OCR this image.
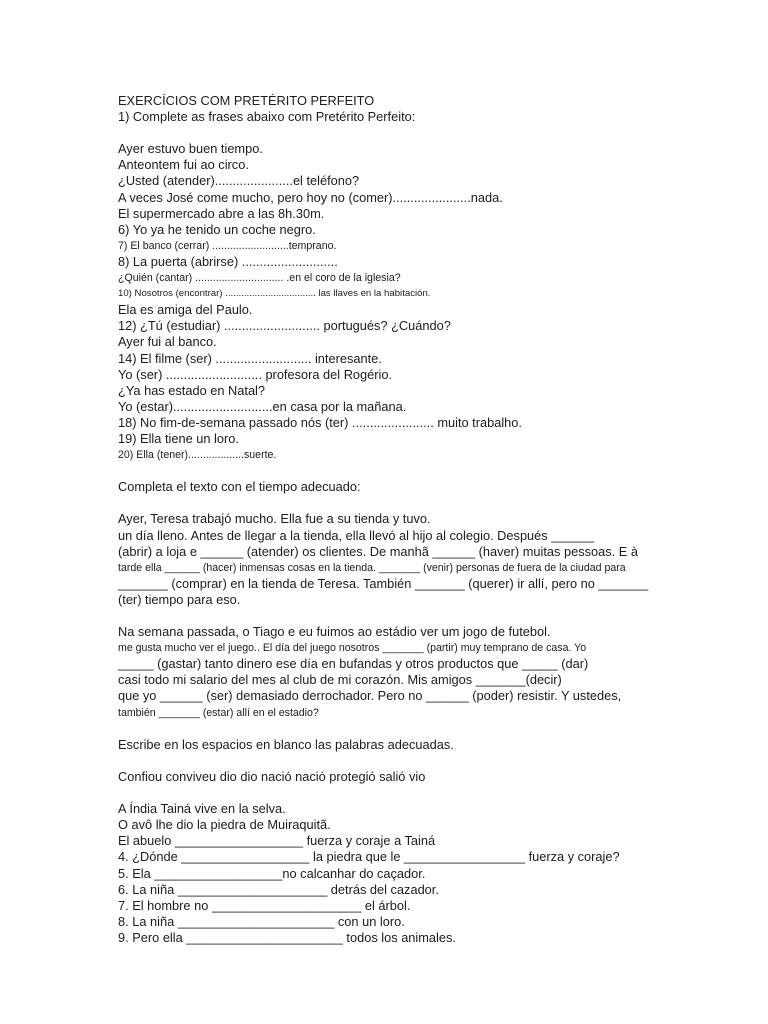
EXERCÍCIOS COM PRETÉRITO PERFEITO
1) Complete as frases abaixo com Pretérito Perfeito:
Ayer estuvo buen tiempo.
Anteontem fui ao circo.
¿Usted (atender)......................el teléfono?
A veces José come mucho, pero hoy no (comer)......................nada.
El supermercado abre a las 8h.30m.
6) Yo ya he tenido un coche negro.
7) El banco (cerrar) ..........................temprano.
8) La puerta (abrirse) ...........................
¿Quién (cantar) .............................. .en el coro de la iglesia?
10) Nosotros (encontrar) .................................. las llaves en la habitación.
Ela es amiga del Paulo.
12) ¿Tú (estudiar) ........................... portugués? ¿Cuándo?
Ayer fui al banco.
14) El filme (ser) ........................... interesante.
Yo (ser) ........................... profesora del Rogério.
¿Ya has estado en Natal?
Yo (estar)............................en casa por la mañana.
18) No fim-de-semana passado nós (ter) ....................... muito trabalho.
19) Ella tiene un loro.
20) Ella (tener)...................suerte.
Completa el texto con el tiempo adecuado:
Ayer, Teresa trabajó mucho. Ella fue a su tienda y tuvo.
un día lleno. Antes de llegar a la tienda, ella llevó al hijo al colegio. Después ______
(abrir) a loja e ______ (atender) os clientes. De manhã ______ (haver) muitas pessoas. E à
tarde ella ______ (hacer) inmensas cosas en la tienda. _______ (venir) personas de fuera de la ciudad para
_______ (comprar) en la tienda de Teresa. También _______ (querer) ir allí, pero no _______
(ter) tiempo para eso.
Na semana passada, o Tiago e eu fuimos ao estádio ver um jogo de futebol.
me gusta mucho ver el juego.. El día del juego nosotros _______ (partir) muy temprano de casa. Yo
_____ (gastar) tanto dinero ese día en bufandas y otros productos que _____ (dar)
casi todo mi salario del mes al club de mi corazón. Mis amigos _______(decir)
que yo ______ (ser) demasiado derrochador. Pero no ______ (poder) resistir. Y ustedes,
también _______ (estar) allí en el estadio?
Escribe en los espacios en blanco las palabras adecuadas.
Confiou conviveu dio dio nació nació protegió salió vio
A Índia Tainá vive en la selva.
O avô lhe dio la piedra de Muiraquitã.
El abuelo __________________ fuerza y coraje a Tainá
4. ¿Dónde __________________ la piedra que le _________________ fuerza y coraje?
5. Ela __________________no calcanhar do caçador.
6. La niña _____________________ detrás del cazador.
7. El hombre no _____________________ el árbol.
8. La niña ______________________ con un loro.
9. Pero ella ______________________ todos los animales.
